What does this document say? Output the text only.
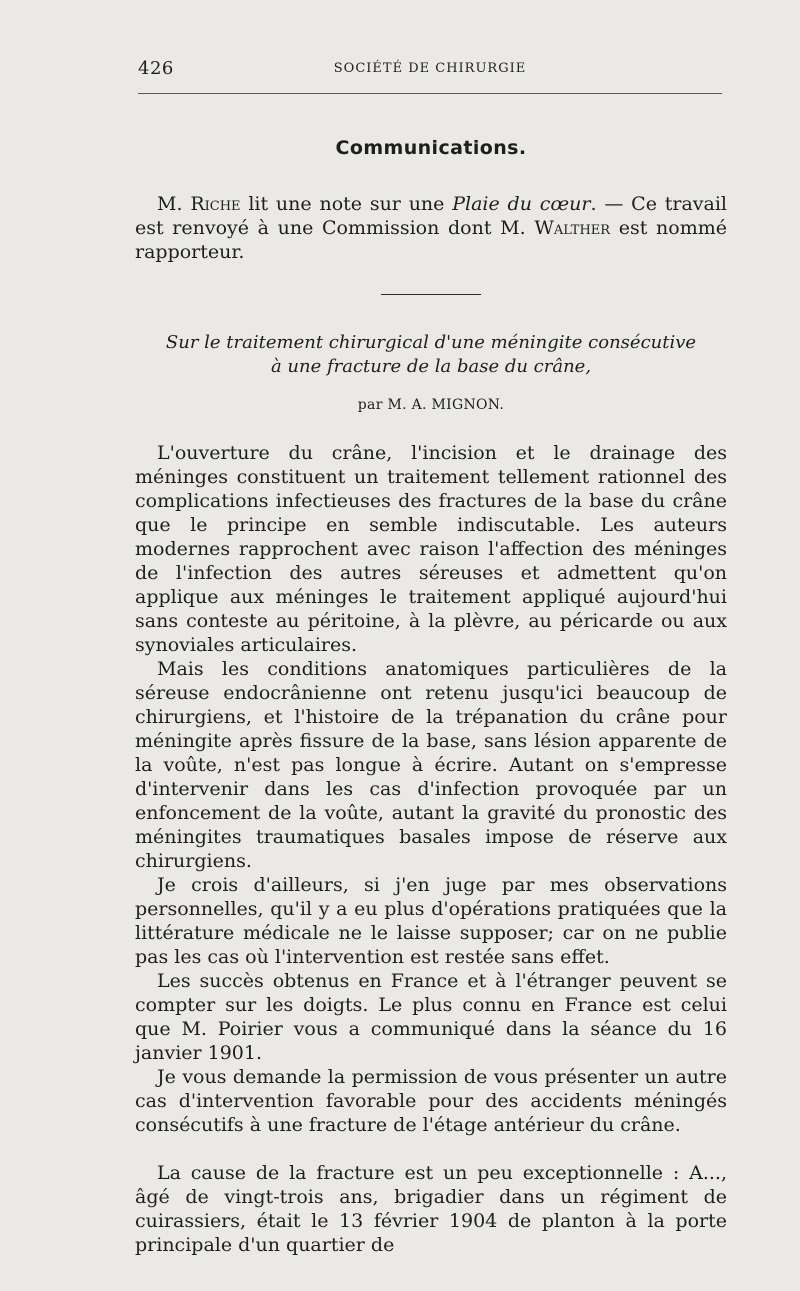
426	SOCIÉTÉ DE CHIRURGIE
Communications.

M. Riche lit une note sur une Plaie du cœur. — Ce travail est renvoyé à une Commission dont M. Walther est nommé rapporteur.

Sur le traitement chirurgical d'une méningite consécutive
à une fracture de la base du crâne,
par M. A. MIGNON.

L'ouverture du crâne, l'incision et le drainage des méninges constituent un traitement tellement rationnel des complications infectieuses des fractures de la base du crâne que le principe en semble indiscutable. Les auteurs modernes rapprochent avec raison l'affection des méninges de l'infection des autres séreuses et admettent qu'on applique aux méninges le traitement appliqué aujourd'hui sans conteste au péritoine, à la plèvre, au péricarde ou aux synoviales articulaires.

Mais les conditions anatomiques particulières de la séreuse endocrânienne ont retenu jusqu'ici beaucoup de chirurgiens, et l'histoire de la trépanation du crâne pour méningite après fissure de la base, sans lésion apparente de la voûte, n'est pas longue à écrire. Autant on s'empresse d'intervenir dans les cas d'infection provoquée par un enfoncement de la voûte, autant la gravité du pronostic des méningites traumatiques basales impose de réserve aux chirurgiens.

Je crois d'ailleurs, si j'en juge par mes observations personnelles, qu'il y a eu plus d'opérations pratiquées que la littérature médicale ne le laisse supposer; car on ne publie pas les cas où l'intervention est restée sans effet.

Les succès obtenus en France et à l'étranger peuvent se compter sur les doigts. Le plus connu en France est celui que M. Poirier vous a communiqué dans la séance du 16 janvier 1901.

Je vous demande la permission de vous présenter un autre cas d'intervention favorable pour des accidents méningés consécutifs à une fracture de l'étage antérieur du crâne.

La cause de la fracture est un peu exceptionnelle : A..., âgé de vingt-trois ans, brigadier dans un régiment de cuirassiers, était le 13 février 1904 de planton à la porte principale d'un quartier de
